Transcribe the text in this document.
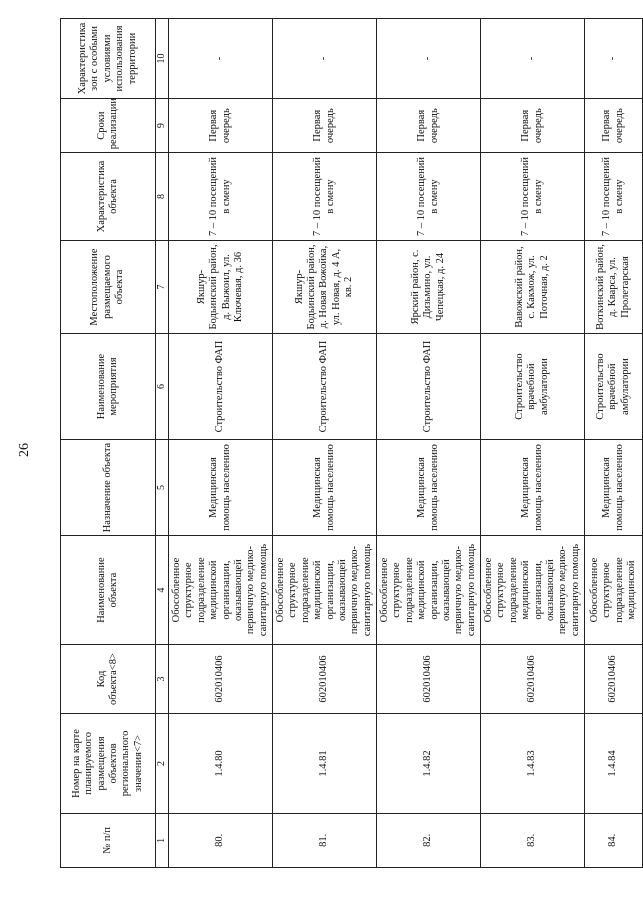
26
№ п/п	Номер на карте планируемого размещения объектов регионального значения<7>	Код объекта<8>	Наименование объекта	Назначение объекта	Наименование мероприятия	Местоположение размещаемого объекта	Характеристика объекта	Сроки реализации	Характеристика зон с особыми условиями использования территории
1	2	3	4	5	6	7	8	9	10
80.	1.4.80	602010406	Обособленное структурное подразделение медицинской организации, оказывающей первичную медико-санитарную помощь	Медицинская помощь населению	Строительство ФАП	Якшур-Бодьинский район, д. Выжоил, ул. Ключевая, д. 36	7 – 10 посещений в смену	Первая очередь	-
81.	1.4.81	602010406	Обособленное структурное подразделение медицинской организации, оказывающей первичную медико-санитарную помощь	Медицинская помощь населению	Строительство ФАП	Якшур-Бодьинский район, д. Новая Вожойка, ул. Новая, д. 4 А, кв. 2	7 – 10 посещений в смену	Первая очередь	-
82.	1.4.82	602010406	Обособленное структурное подразделение медицинской организации, оказывающей первичную медико-санитарную помощь	Медицинская помощь населению	Строительство ФАП	Ярский район, с. Дизьмино, ул. Чепецкая, д. 24	7 – 10 посещений в смену	Первая очередь	-
83.	1.4.83	602010406	Обособленное структурное подразделение медицинской организации, оказывающей первичную медико-санитарную помощь	Медицинская помощь населению	Строительство врачебной амбулатории	Вавожский район, с. Какмож, ул. Поточная, д. 2	7 – 10 посещений в смену	Первая очередь	-
84.	1.4.84	602010406	Обособленное структурное подразделение медицинской	Медицинская помощь населению	Строительство врачебной амбулатории	Воткинский район, д. Кварса, ул. Пролетарская	7 – 10 посещений в смену	Первая очередь	-
